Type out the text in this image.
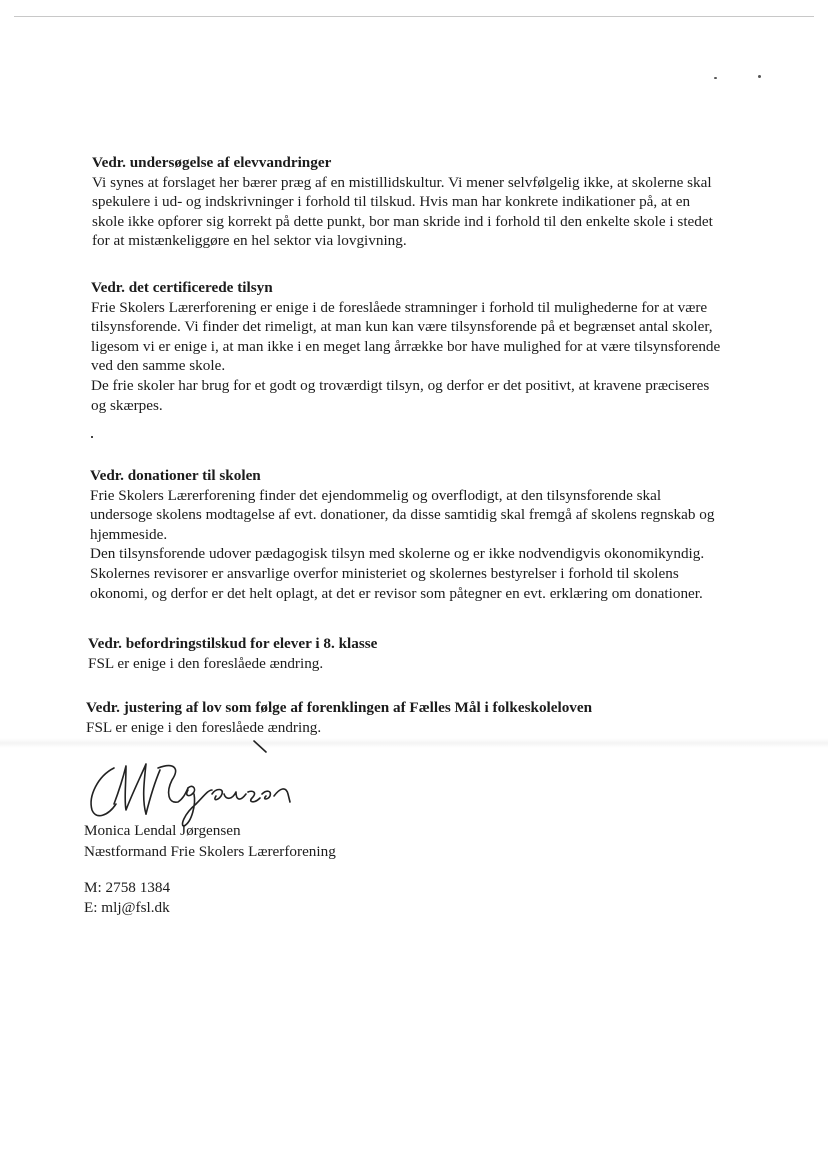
Vedr. undersøgelse af elevvandringer

Vi synes at forslaget her bærer præg af en mistillidskultur. Vi mener selvfølgelig ikke, at skolerne skal

spekulere i ud- og indskrivninger i forhold til tilskud. Hvis man har konkrete indikationer på, at en

skole ikke opforer sig korrekt på dette punkt, bor man skride ind i forhold til den enkelte skole i stedet

for at mistænkeliggøre en hel sektor via lovgivning.

Vedr. det certificerede tilsyn

Frie Skolers Lærerforening er enige i de foreslåede stramninger i forhold til mulighederne for at være

tilsynsforende. Vi finder det rimeligt, at man kun kan være tilsynsforende på et begrænset antal skoler,

ligesom vi er enige i, at man ikke i en meget lang årrække bor have mulighed for at være tilsynsforende

ved den samme skole.

De frie skoler har brug for et godt og troværdigt tilsyn, og derfor er det positivt, at kravene præciseres

og skærpes.

Vedr. donationer til skolen

Frie Skolers Lærerforening finder det ejendommelig og overflodigt, at den tilsynsforende skal

undersoge skolens modtagelse af evt. donationer, da disse samtidig skal fremgå af skolens regnskab og

hjemmeside.

Den tilsynsforende udover pædagogisk tilsyn med skolerne og er ikke nodvendigvis okonomikyndig.

Skolernes revisorer er ansvarlige overfor ministeriet og skolernes bestyrelser i forhold til skolens

okonomi, og derfor er det helt oplagt, at det er revisor som påtegner en evt. erklæring om donationer.

Vedr. befordringstilskud for elever i 8. klasse

FSL er enige i den foreslåede ændring.

Vedr. justering af lov som følge af forenklingen af Fælles Mål i folkeskoleloven

FSL er enige i den foreslåede ændring.

Monica Lendal Jørgensen
Næstformand Frie Skolers Lærerforening
M: 2758 1384
E: mlj@fsl.dk
